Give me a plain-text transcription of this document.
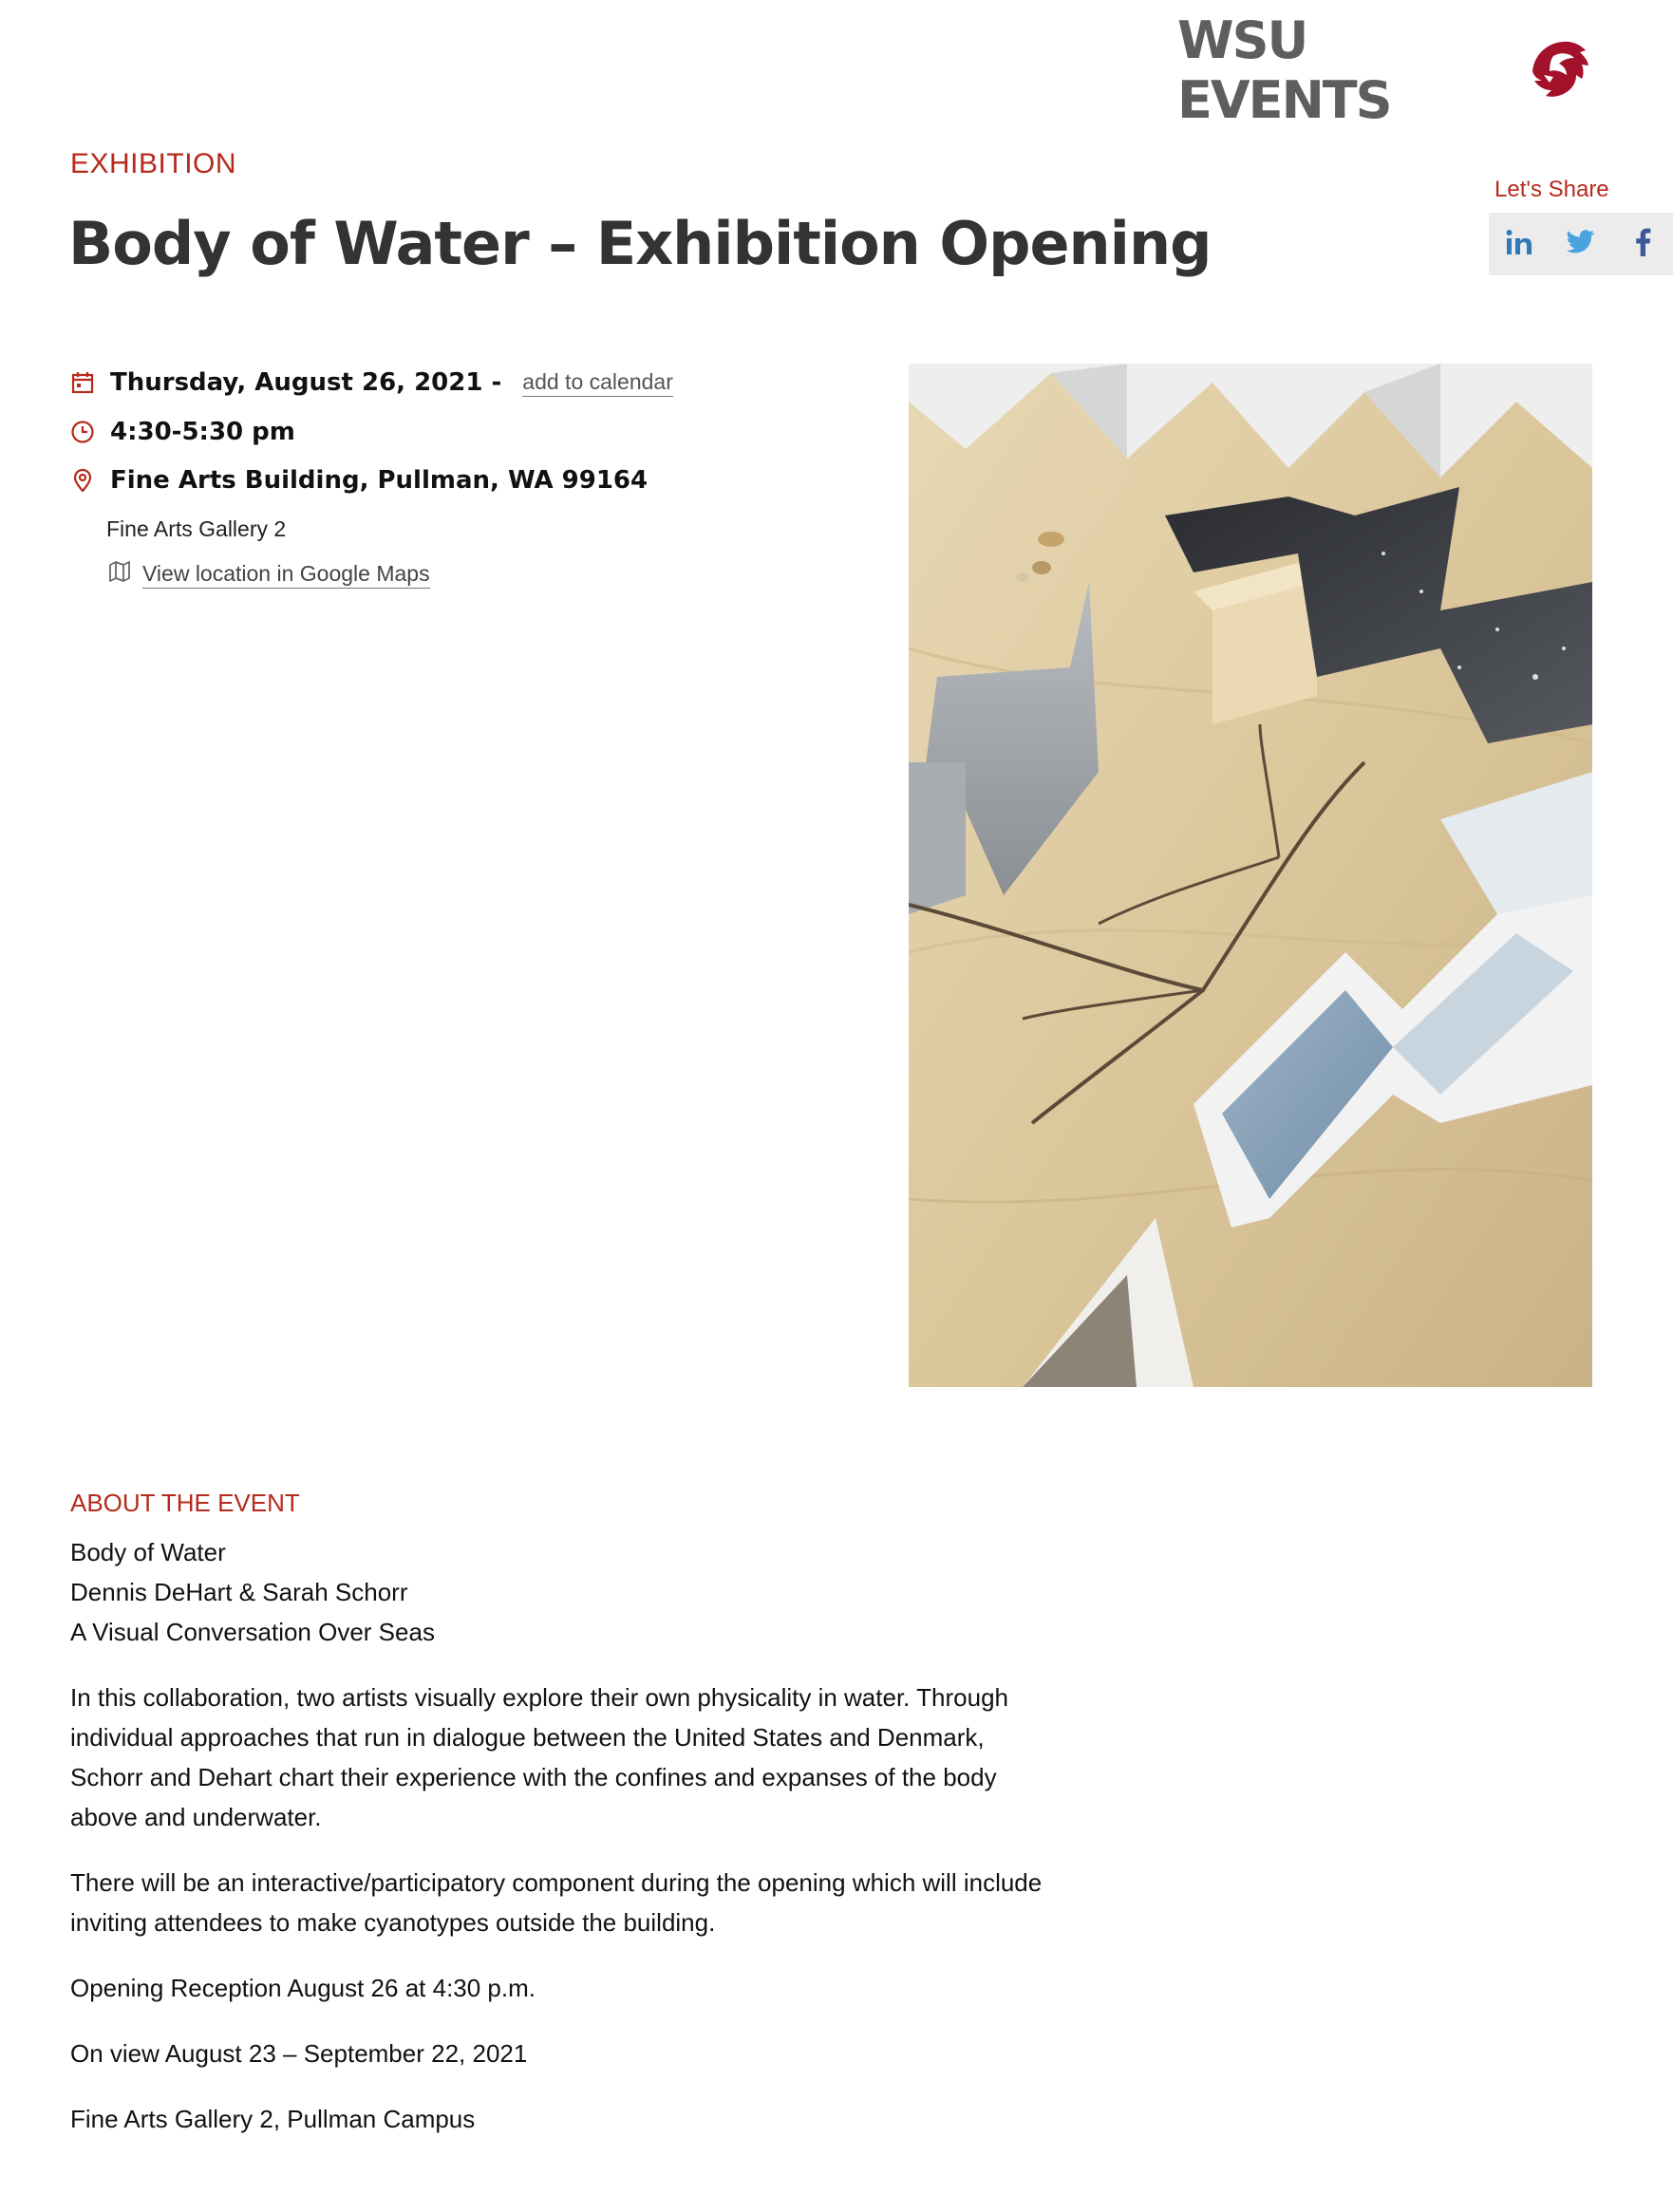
WSU EVENTS
EXHIBITION
Body of Water – Exhibition Opening
Let's Share
Thursday, August 26, 2021 - add to calendar
4:30-5:30 pm
Fine Arts Building, Pullman, WA 99164
Fine Arts Gallery 2
View location in Google Maps
ABOUT THE EVENT
Body of Water
Dennis DeHart & Sarah Schorr
A Visual Conversation Over Seas

In this collaboration, two artists visually explore their own physicality in water. Through individual approaches that run in dialogue between the United States and Denmark, Schorr and Dehart chart their experience with the confines and expanses of the body above and underwater.

There will be an interactive/participatory component during the opening which will include inviting attendees to make cyanotypes outside the building.

Opening Reception August 26 at 4:30 p.m.

On view August 23 – September 22, 2021

Fine Arts Gallery 2, Pullman Campus
